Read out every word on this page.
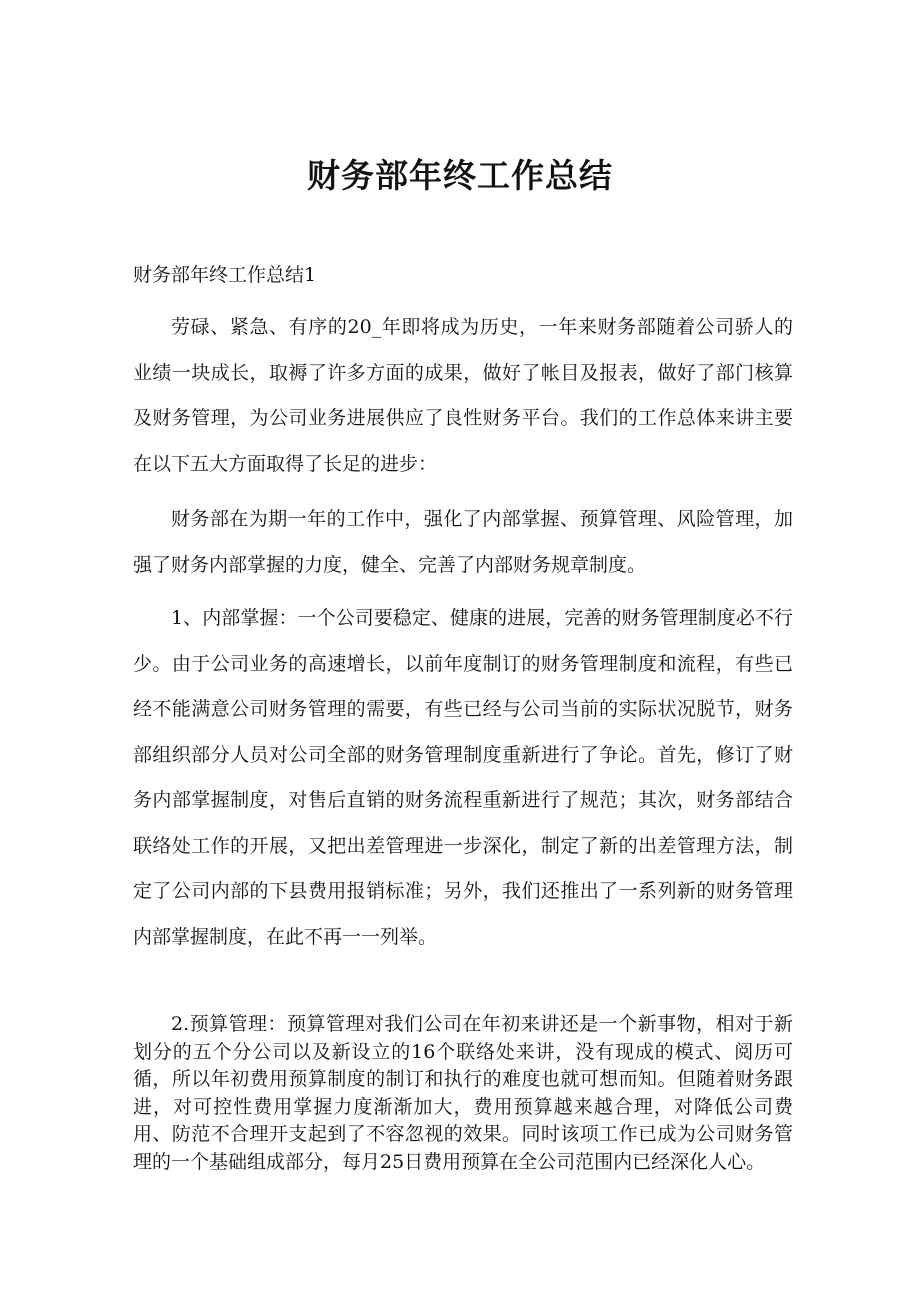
财务部年终工作总结
财务部年终工作总结1

劳碌、紧急、有序的20_年即将成为历史，一年来财务部随着公司骄人的业绩一块成长，取褥了许多方面的成果，做好了帐目及报表，做好了部门核算及财务管理，为公司业务进展供应了良性财务平台。我们的工作总体来讲主要在以下五大方面取得了长足的进步：

财务部在为期一年的工作中，强化了内部掌握、预算管理、风险管理，加强了财务内部掌握的力度，健全、完善了内部财务规章制度。

1、内部掌握：一个公司要稳定、健康的进展，完善的财务管理制度必不行少。由于公司业务的高速增长，以前年度制订的财务管理制度和流程，有些已经不能满意公司财务管理的需要，有些已经与公司当前的实际状况脱节，财务部组织部分人员对公司全部的财务管理制度重新进行了争论。首先，修订了财务内部掌握制度，对售后直销的财务流程重新进行了规范；其次，财务部结合联络处工作的开展，又把出差管理进一步深化，制定了新的出差管理方法，制定了公司内部的下县费用报销标准；另外，我们还推出了一系列新的财务管理内部掌握制度，在此不再一一列举。

2.预算管理：预算管理对我们公司在年初来讲还是一个新事物，相对于新划分的五个分公司以及新设立的16个联络处来讲，没有现成的模式、阅历可循，所以年初费用预算制度的制订和执行的难度也就可想而知。但随着财务跟进，对可控性费用掌握力度渐渐加大，费用预算越来越合理，对降低公司费用、防范不合理开支起到了不容忽视的效果。同时该项工作已成为公司财务管理的一个基础组成部分，每月25日费用预算在全公司范围内已经深化人心。
